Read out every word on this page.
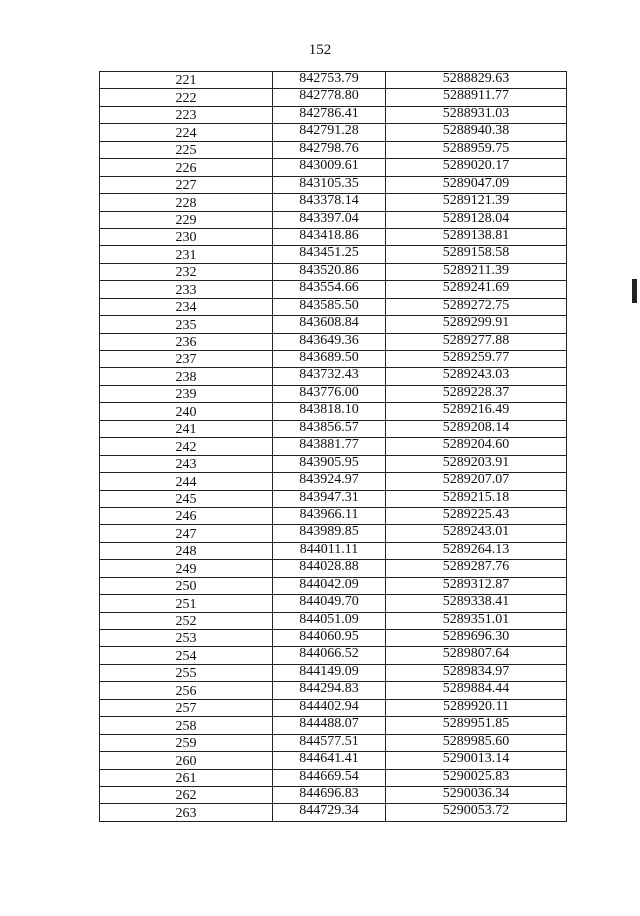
152
221	842753.79	5288829.63
222	842778.80	5288911.77
223	842786.41	5288931.03
224	842791.28	5288940.38
225	842798.76	5288959.75
226	843009.61	5289020.17
227	843105.35	5289047.09
228	843378.14	5289121.39
229	843397.04	5289128.04
230	843418.86	5289138.81
231	843451.25	5289158.58
232	843520.86	5289211.39
233	843554.66	5289241.69
234	843585.50	5289272.75
235	843608.84	5289299.91
236	843649.36	5289277.88
237	843689.50	5289259.77
238	843732.43	5289243.03
239	843776.00	5289228.37
240	843818.10	5289216.49
241	843856.57	5289208.14
242	843881.77	5289204.60
243	843905.95	5289203.91
244	843924.97	5289207.07
245	843947.31	5289215.18
246	843966.11	5289225.43
247	843989.85	5289243.01
248	844011.11	5289264.13
249	844028.88	5289287.76
250	844042.09	5289312.87
251	844049.70	5289338.41
252	844051.09	5289351.01
253	844060.95	5289696.30
254	844066.52	5289807.64
255	844149.09	5289834.97
256	844294.83	5289884.44
257	844402.94	5289920.11
258	844488.07	5289951.85
259	844577.51	5289985.60
260	844641.41	5290013.14
261	844669.54	5290025.83
262	844696.83	5290036.34
263	844729.34	5290053.72
